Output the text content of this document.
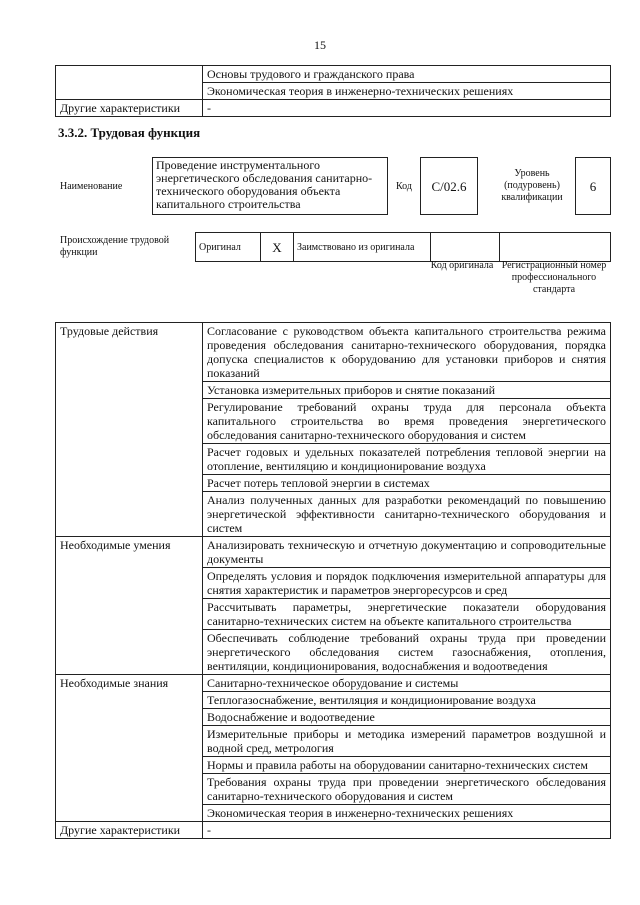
15
	Основы трудового и гражданского права
	Экономическая теория в инженерно-технических решениях
Другие характеристики	-
3.3.2. Трудовая функция
Наименование
Проведение инструментального энергетического обследования санитарно-технического оборудования объекта капитального строительства
Код	C/02.6
Уровень (подуровень) квалификации
6
Происхождение трудовой функции	Оригинал	X	Заимствовано из оригинала		
Код оригинала Регистрационный номер профессионального стандарта
Трудовые действия	Согласование с руководством объекта капитального строительства режима проведения обследования санитарно-технического оборудования, порядка допуска специалистов к оборудованию для установки приборов и снятия показаний
	Установка измерительных приборов и снятие показаний
	Регулирование требований охраны труда для персонала объекта капитального строительства во время проведения энергетического обследования санитарно-технического оборудования и систем
	Расчет годовых и удельных показателей потребления тепловой энергии на отопление, вентиляцию и кондиционирование воздуха
	Расчет потерь тепловой энергии в системах
	Анализ полученных данных для разработки рекомендаций по повышению энергетической эффективности санитарно-технического оборудования и систем
Необходимые умения	Анализировать техническую и отчетную документацию и сопроводительные документы
	Определять условия и порядок подключения измерительной аппаратуры для снятия характеристик и параметров энергоресурсов и сред
	Рассчитывать параметры, энергетические показатели оборудования санитарно-технических систем на объекте капитального строительства
	Обеспечивать соблюдение требований охраны труда при проведении энергетического обследования систем газоснабжения, отопления, вентиляции, кондиционирования, водоснабжения и водоотведения
Необходимые знания	Санитарно-техническое оборудование и системы
	Теплогазоснабжение, вентиляция и кондиционирование воздуха
	Водоснабжение и водоотведение
	Измерительные приборы и методика измерений параметров воздушной и водной сред, метрология
	Нормы и правила работы на оборудовании санитарно-технических систем
	Требования охраны труда при проведении энергетического обследования санитарно-технического оборудования и систем
	Экономическая теория в инженерно-технических решениях
Другие характеристики	-
